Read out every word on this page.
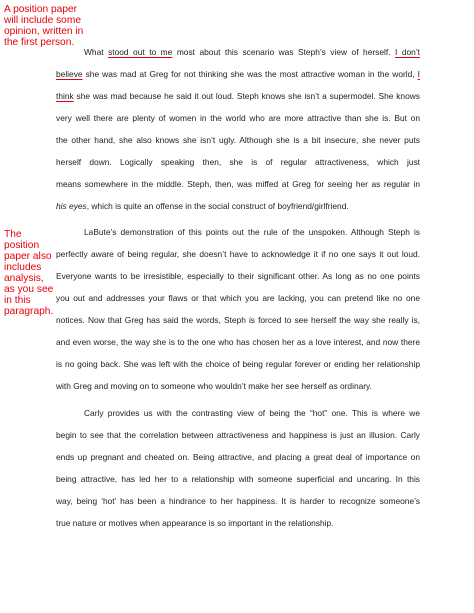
A position paper
will include some
opinion, written in
the first person.
The
position
paper also
includes
analysis,
as you see
in this
paragraph.
What stood out to me most about this scenario was Steph’s view of herself. I don’t
believe she was mad at Greg for not thinking she was the most attractive woman in the world, I
think she was mad because he said it out loud. Steph knows she isn’t a supermodel. She knows
very well there are plenty of women in the world who are more attractive than she is. But on
the other hand, she also knows she isn’t ugly. Although she is a bit insecure, she never puts
herself down. Logically speaking then, she is of regular attractiveness, which just
means somewhere in the middle. Steph, then, was miffed at Greg for seeing her as regular in
his eyes, which is quite an offense in the social construct of boyfriend/girlfriend.
LaBute’s demonstration of this points out the rule of the unspoken. Although Steph is
perfectly aware of being regular, she doesn’t have to acknowledge it if no one says it out loud.
Everyone wants to be irresistible, especially to their significant other. As long as no one points
you out and addresses your flaws or that which you are lacking, you can pretend like no one
notices. Now that Greg has said the words, Steph is forced to see herself the way she really is,
and even worse, the way she is to the one who has chosen her as a love interest, and now there
is no going back. She was left with the choice of being regular forever or ending her relationship
with Greg and moving on to someone who wouldn’t make her see herself as ordinary.
Carly provides us with the contrasting view of being the “hot” one. This is where we
begin to see that the correlation between attractiveness and happiness is just an illusion. Carly
ends up pregnant and cheated on. Being attractive, and placing a great deal of importance on
being attractive, has led her to a relationship with someone superficial and uncaring. In this
way, being ‘hot’ has been a hindrance to her happiness. It is harder to recognize someone’s
true nature or motives when appearance is so important in the relationship.
